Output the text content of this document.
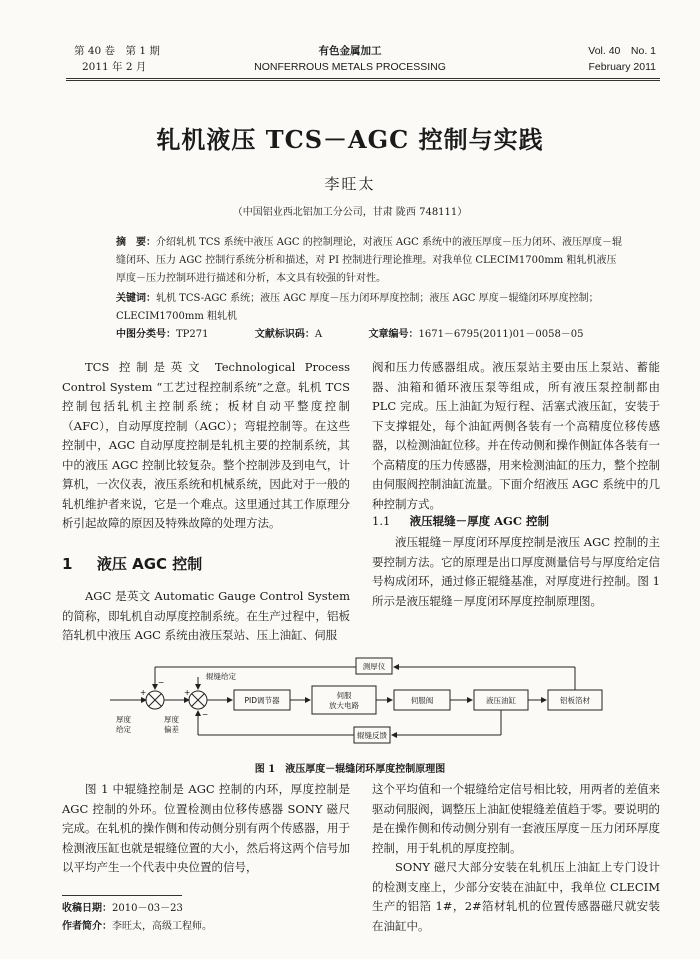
第 40 卷　第 1 期
2011 年 2 月
有色金属加工
NONFERROUS METALS PROCESSING
Vol. 40　No. 1
February 2011
轧机液压 TCS－AGC 控制与实践
李旺太
（中国铝业西北铝加工分公司，甘肃 陇西 748111）
摘　要：介绍轧机 TCS 系统中液压 AGC 的控制理论，对液压 AGC 系统中的液压厚度－压力闭环、液压厚度－辊缝闭环、压力 AGC 控制行系统分析和描述，对 PI 控制进行理论推理。对我单位 CLECIM1700mm 粗轧机液压厚度－压力控制环进行描述和分析，本文具有较强的针对性。
关键词：轧机 TCS-AGC 系统；液压 AGC 厚度－压力闭环厚度控制；液压 AGC 厚度－辊缝闭环厚度控制；CLECIM1700mm 粗轧机
中图分类号：TP271	文献标识码：A	文章编号：1671－6795(2011)01－0058－05

TCS 控制是英文 Technological Process Control System “工艺过程控制系统”之意。轧机 TCS 控制包括轧机主控制系统；板材自动平整度控制（AFC），自动厚度控制（AGC）；弯辊控制等。在这些控制中，AGC 自动厚度控制是轧机主要的控制系统，其中的液压 AGC 控制比较复杂。整个控制涉及到电气，计算机，一次仪表，液压系统和机械系统，因此对于一般的轧机维护者来说，它是一个难点。这里通过其工作原理分析引起故障的原因及特殊故障的处理方法。

1 液压 AGC 控制

AGC 是英文 Automatic Gauge Control System 的简称，即轧机自动厚度控制系统。在生产过程中，铝板箔轧机中液压 AGC 系统由液压泵站、压上油缸、伺服

阀和压力传感器组成。液压泵站主要由压上泵站、蓄能器、油箱和循环液压泵等组成，所有液压泵控制都由 PLC 完成。压上油缸为短行程、活塞式液压缸，安装于下支撑辊处，每个油缸两侧各装有一个高精度位移传感器，以检测油缸位移。并在传动侧和操作侧缸体各装有一个高精度的压力传感器，用来检测油缸的压力，整个控制由伺服阀控制油缸流量。下面介绍液压 AGC 系统中的几种控制方式。

1.1 液压辊缝－厚度 AGC 控制

液压辊缝－厚度闭环厚度控制是液压 AGC 控制的主要控制方法。它的原理是出口厚度测量信号与厚度给定信号构成闭环，通过修正辊缝基准，对厚度进行控制。图 1 所示是液压辊缝－厚度闭环厚度控制原理图。

测厚仪
辊缝给定
PID调节器
伺服
放大电路
伺服阀	液压油缸	铝板箔材
辊缝反馈
厚度
给定
厚度
偏差
+
−
+
−
图 1　液压厚度－辊缝闭环厚度控制原理图

图 1 中辊缝控制是 AGC 控制的内环，厚度控制是 AGC 控制的外环。位置检测由位移传感器 SONY 磁尺完成。在轧机的操作侧和传动侧分别有两个传感器，用于检测液压缸也就是辊缝位置的大小，然后将这两个信号加以平均产生一个代表中央位置的信号，

这个平均值和一个辊缝给定信号相比较，用两者的差值来驱动伺服阀，调整压上油缸使辊缝差值趋于零。要说明的是在操作侧和传动侧分别有一套液压厚度－压力闭环厚度控制，用于轧机的厚度控制。

SONY 磁尺大部分安装在轧机压上油缸上专门设计的检测支座上，少部分安装在油缸中，我单位 CLECIM 生产的铝箔 1#，2#箔材轧机的位置传感器磁尺就安装在油缸中。

收稿日期：2010－03－23
作者简介：李旺太，高级工程师。
